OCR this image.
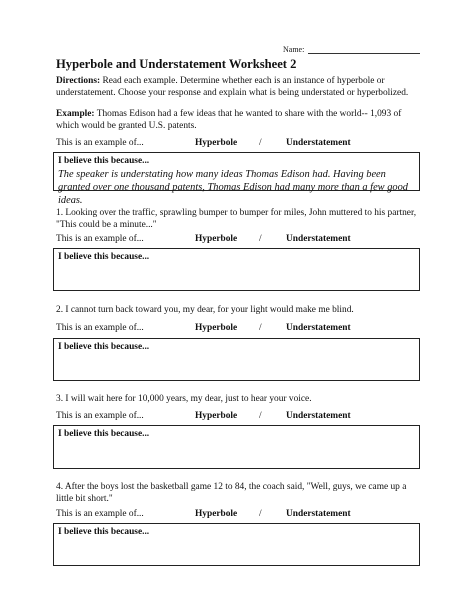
Name:
Hyperbole and Understatement Worksheet 2
Directions: Read each example. Determine whether each is an instance of hyperbole or understatement. Choose your response and explain what is being understated or hyperbolized.
Example: Thomas Edison had a few ideas that he wanted to share with the world-- 1,093 of which would be granted U.S. patents.
This is an example of...	Hyperbole /	Understatement
I believe this because...
The speaker is understating how many ideas Thomas Edison had. Having been granted over one thousand patents, Thomas Edison had many more than a few good ideas.
1. Looking over the traffic, sprawling bumper to bumper for miles, John muttered to his partner, "This could be a minute..."
This is an example of...	Hyperbole /	Understatement
I believe this because...
2. I cannot turn back toward you, my dear, for your light would make me blind.
This is an example of...	Hyperbole /	Understatement
I believe this because...
3. I will wait here for 10,000 years, my dear, just to hear your voice.
This is an example of...	Hyperbole /	Understatement
I believe this because...
4. After the boys lost the basketball game 12 to 84, the coach said, "Well, guys, we came up a little bit short."
This is an example of...	Hyperbole /	Understatement
I believe this because...
